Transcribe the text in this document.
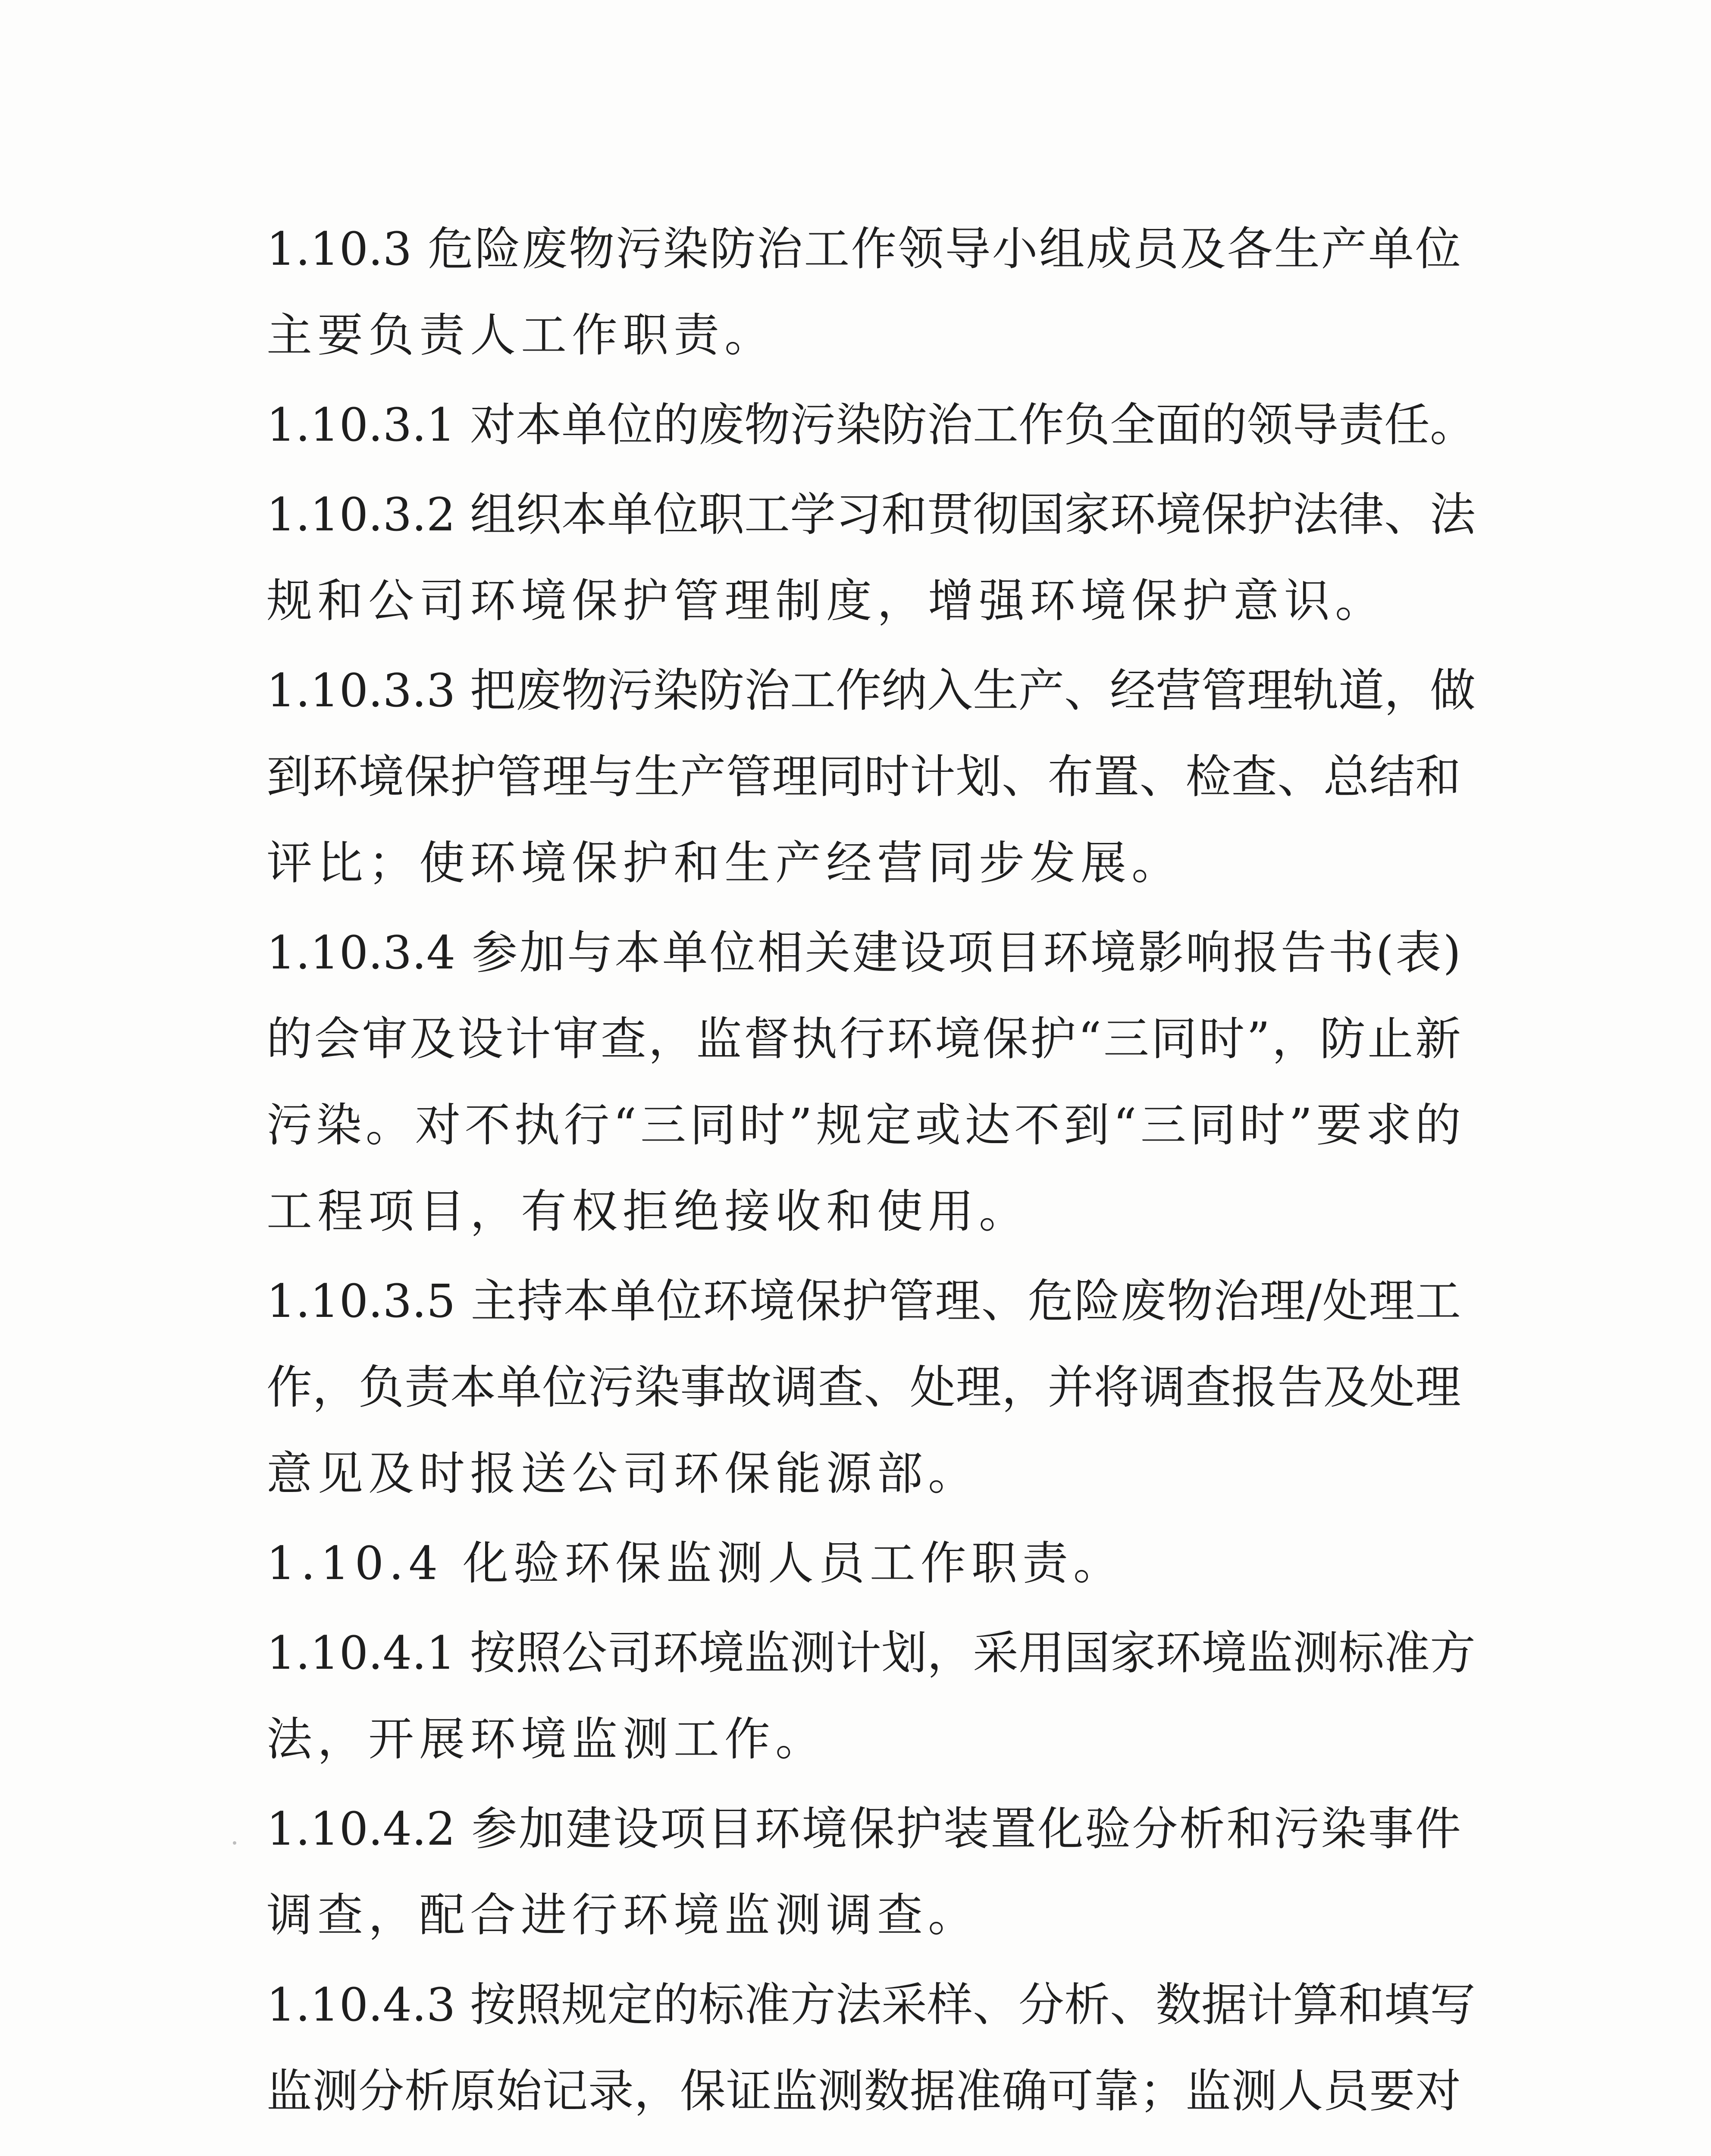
1.10.3 危险废物污染防治工作领导小组成员及各生产单位
主要负责人工作职责。
1.10.3.1 对本单位的废物污染防治工作负全面的领导责任。
1.10.3.2 组织本单位职工学习和贯彻国家环境保护法律、法
规和公司环境保护管理制度，增强环境保护意识。
1.10.3.3 把废物污染防治工作纳入生产、经营管理轨道，做
到环境保护管理与生产管理同时计划、布置、检查、总结和
评比；使环境保护和生产经营同步发展。
1.10.3.4 参加与本单位相关建设项目环境影响报告书(表)
的会审及设计审查，监督执行环境保护“三同时”，防止新
污染。对不执行“三同时”规定或达不到“三同时”要求的
工程项目，有权拒绝接收和使用。
1.10.3.5 主持本单位环境保护管理、危险废物治理/处理工
作，负责本单位污染事故调查、处理，并将调查报告及处理
意见及时报送公司环保能源部。
1.10.4 化验环保监测人员工作职责。
1.10.4.1 按照公司环境监测计划，采用国家环境监测标准方
法，开展环境监测工作。
1.10.4.2 参加建设项目环境保护装置化验分析和污染事件
调查，配合进行环境监测调查。
1.10.4.3 按照规定的标准方法采样、分析、数据计算和填写
监测分析原始记录，保证监测数据准确可靠；监测人员要对
